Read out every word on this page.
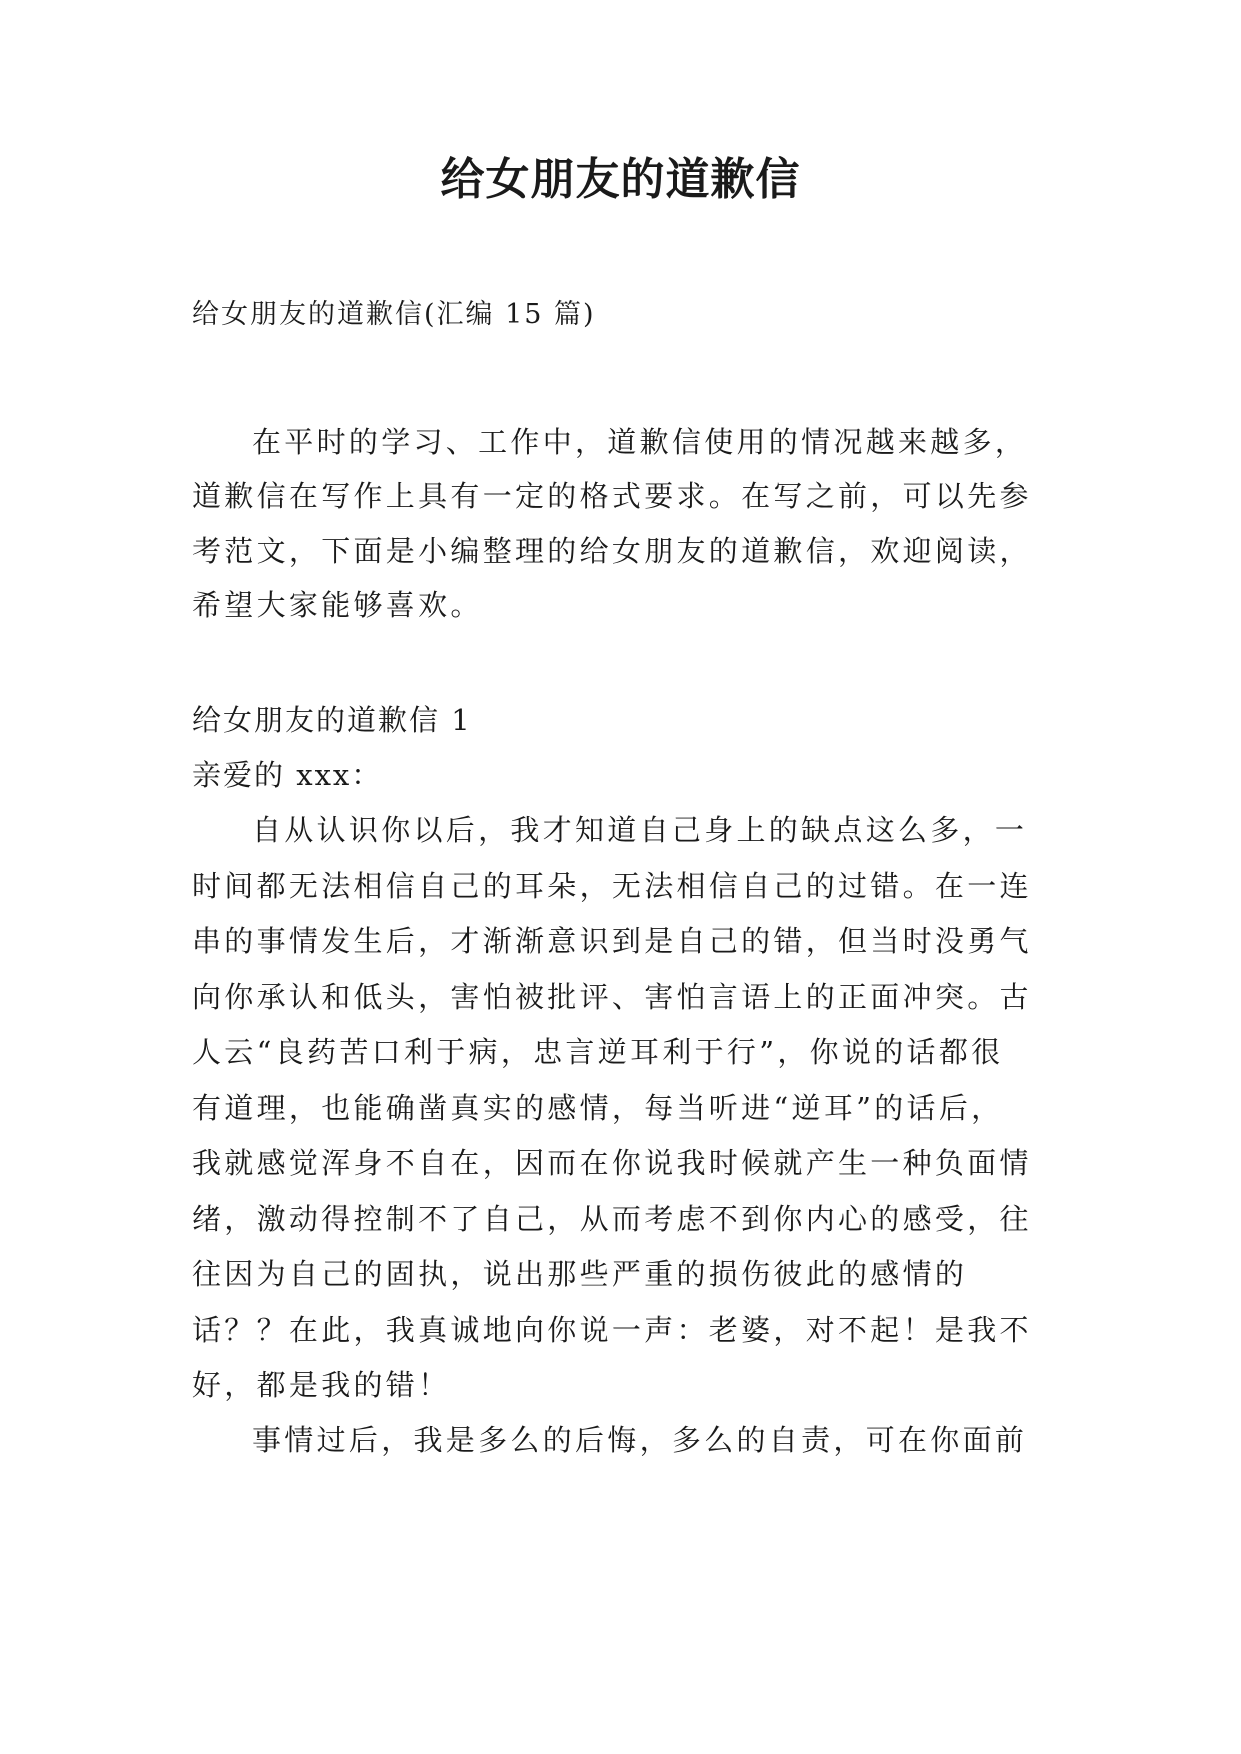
给女朋友的道歉信
给女朋友的道歉信(汇编 15 篇)
在平时的学习、工作中，道歉信使用的情况越来越多，
道歉信在写作上具有一定的格式要求。在写之前，可以先参
考范文，下面是小编整理的给女朋友的道歉信，欢迎阅读，
希望大家能够喜欢。
给女朋友的道歉信 1
亲爱的 xxx：
自从认识你以后，我才知道自己身上的缺点这么多，一
时间都无法相信自己的耳朵，无法相信自己的过错。在一连
串的事情发生后，才渐渐意识到是自己的错，但当时没勇气
向你承认和低头，害怕被批评、害怕言语上的正面冲突。古
人云“良药苦口利于病，忠言逆耳利于行”，你说的话都很
有道理，也能确凿真实的感情，每当听进“逆耳”的话后，
我就感觉浑身不自在，因而在你说我时候就产生一种负面情
绪，激动得控制不了自己，从而考虑不到你内心的感受，往
往因为自己的固执，说出那些严重的损伤彼此的感情的
话？？在此，我真诚地向你说一声：老婆，对不起！是我不
好，都是我的错！
事情过后，我是多么的后悔，多么的自责，可在你面前
